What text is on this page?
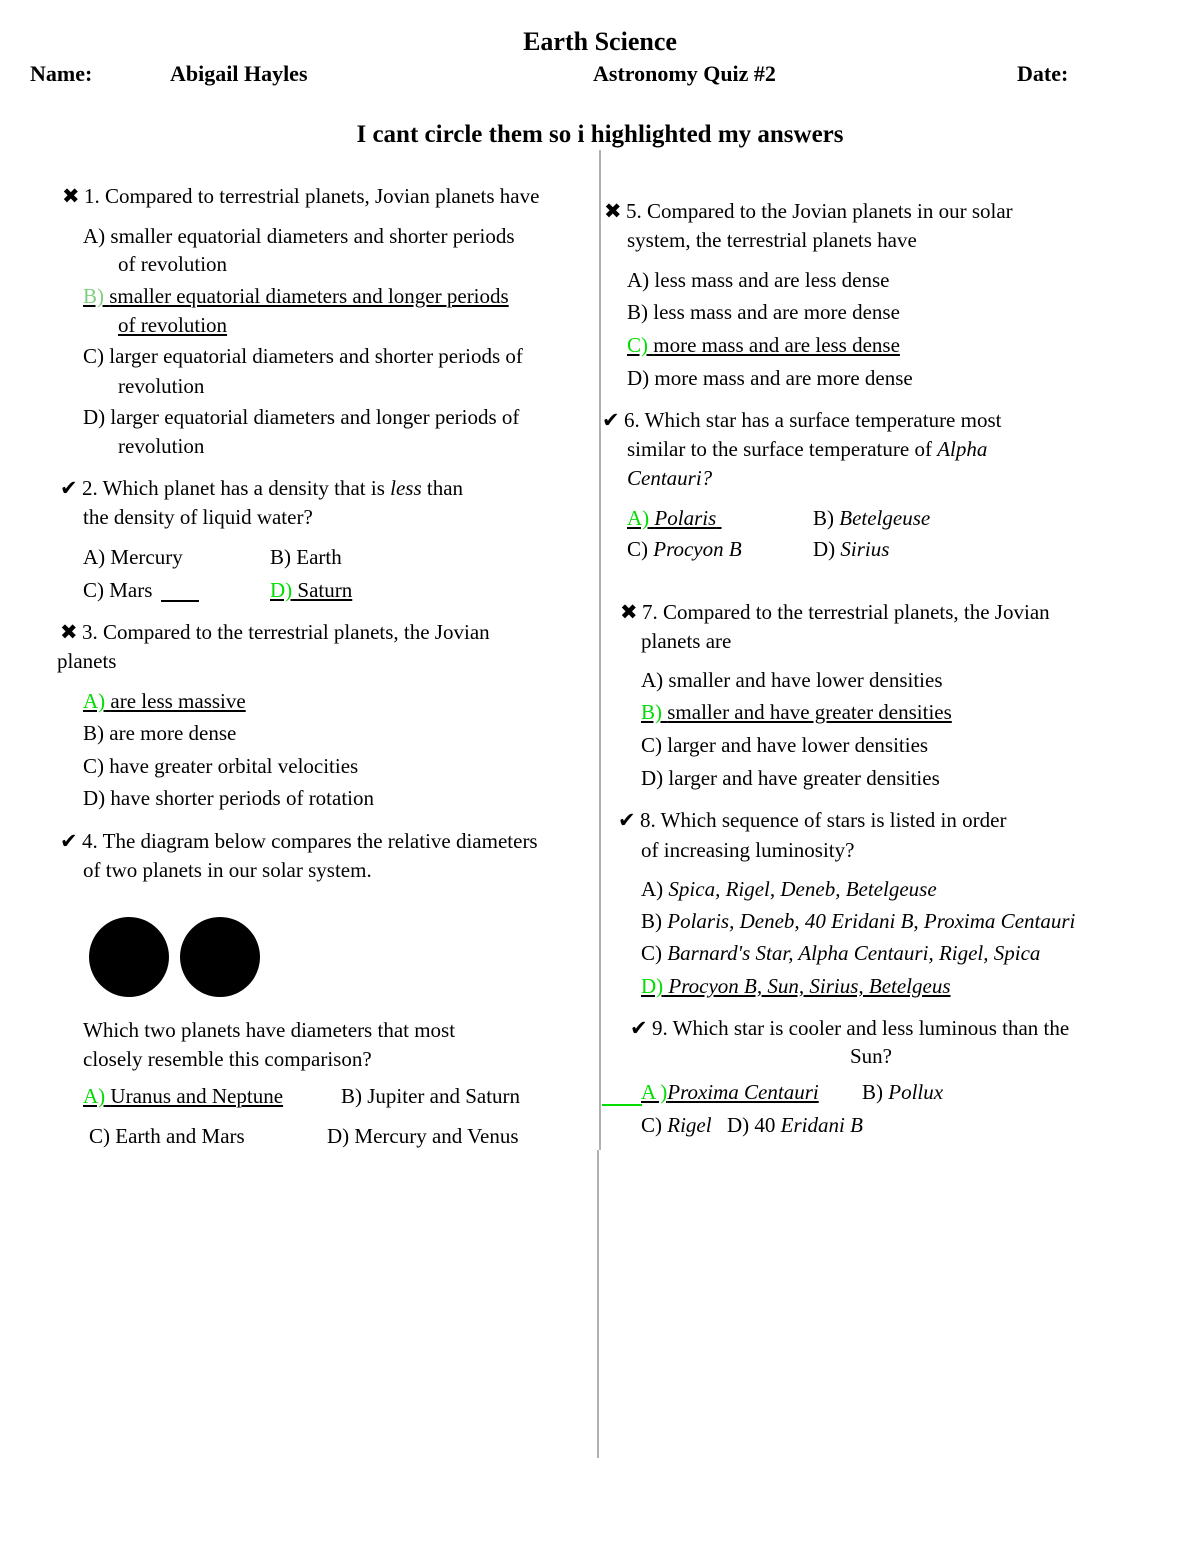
Earth Science
Name:	Abigail Hayles	Astronomy Quiz #2	Date:
I cant circle them so i highlighted my answers
✖ 1. Compared to terrestrial planets, Jovian planets have
A) smaller equatorial diameters and shorter periods
of revolution
B) smaller equatorial diameters and longer periods
of revolution
C) larger equatorial diameters and shorter periods of
revolution
D) larger equatorial diameters and longer periods of
revolution
✔ 2. Which planet has a density that is less than
the density of liquid water?
A) Mercury	B) Earth
C) Mars	D) Saturn
✖ 3. Compared to the terrestrial planets, the Jovian
planets
A) are less massive
B) are more dense
C) have greater orbital velocities
D) have shorter periods of rotation
✔ 4. The diagram below compares the relative diameters
of two planets in our solar system.
Which two planets have diameters that most
closely resemble this comparison?
A) Uranus and Neptune	B) Jupiter and Saturn
C) Earth and Mars	D) Mercury and Venus
✖ 5. Compared to the Jovian planets in our solar
system, the terrestrial planets have
A) less mass and are less dense
B) less mass and are more dense
C) more mass and are less dense
D) more mass and are more dense
✔ 6. Which star has a surface temperature most
similar to the surface temperature of Alpha
Centauri?
A) Polaris	B) Betelgeuse
C) Procyon B	D) Sirius
✖ 7. Compared to the terrestrial planets, the Jovian
planets are
A) smaller and have lower densities
B) smaller and have greater densities
C) larger and have lower densities
D) larger and have greater densities
✔ 8. Which sequence of stars is listed in order
of increasing luminosity?
A) Spica, Rigel, Deneb, Betelgeuse
B) Polaris, Deneb, 40 Eridani B, Proxima Centauri
C) Barnard's Star, Alpha Centauri, Rigel, Spica
D) Procyon B, Sun, Sirius, Betelgeus
✔ 9. Which star is cooler and less luminous than the
Sun?
A )Proxima Centauri B) Pollux
C) Rigel D) 40 Eridani B
